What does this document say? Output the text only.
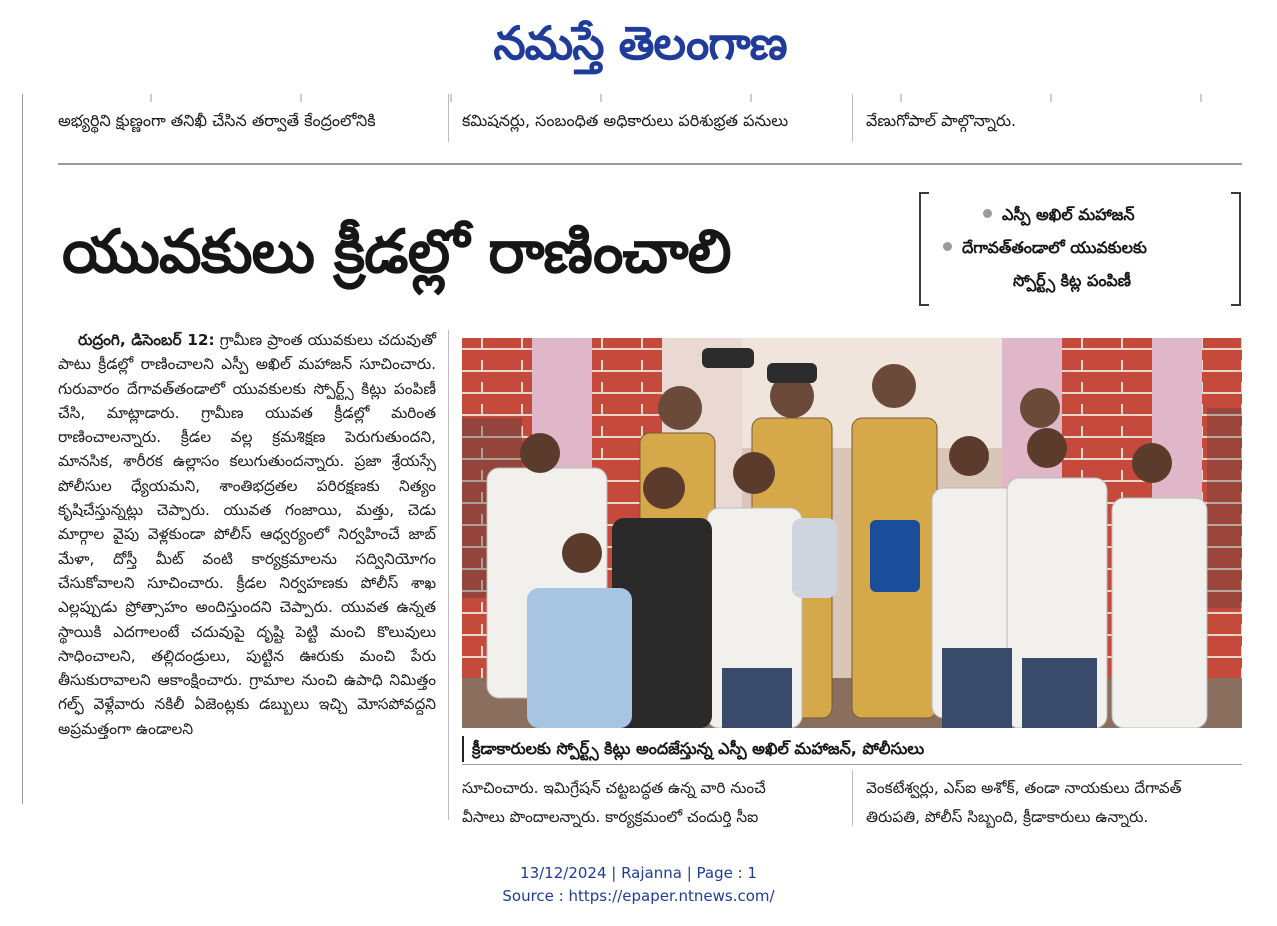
నమస్తే తెలంగాణ
అభ్యర్థిని క్షుణ్ణంగా తనిఖీ చేసిన తర్వాతే కేంద్రంలోనికి	కమిషనర్లు, సంబంధిత అధికారులు పరిశుభ్రత పనులు	వేణుగోపాల్ పాల్గొన్నారు.
యువకులు క్రీడల్లో రాణించాలి
ఎస్పీ అఖిల్ మహాజన్
దేగావత్‌తండాలో యువకులకు
స్పోర్ట్స్ కిట్ల పంపిణీ
రుద్రంగి, డిసెంబర్ 12: గ్రామీణ ప్రాంత యువకులు చదువుతో పాటు క్రీడల్లో రాణించాలని ఎస్పీ అఖిల్ మహాజన్ సూచించారు. గురువారం దేగావత్‌తండాలో యువకులకు స్పోర్ట్స్ కిట్లు పంపిణీ చేసి, మాట్లాడారు. గ్రామీణ యువత క్రీడల్లో మరింత రాణించాలన్నారు. క్రీడల వల్ల క్రమశిక్షణ పెరుగుతుందని, మానసిక, శారీరక ఉల్లాసం కలుగుతుందన్నారు. ప్రజా శ్రేయస్సే పోలీసుల ధ్యేయమని, శాంతిభద్రతల పరిరక్షణకు నిత్యం కృషిచేస్తున్నట్లు చెప్పారు. యువత గంజాయి, మత్తు, చెడు మార్గాల వైపు వెళ్లకుండా పోలీస్ ఆధ్వర్యంలో నిర్వహించే జాబ్ మేళా, దోస్తీ మీట్ వంటి కార్యక్రమాలను సద్వినియోగం చేసుకోవాలని సూచించారు. క్రీడల నిర్వహణకు పోలీస్ శాఖ ఎల్లప్పుడు ప్రోత్సాహం అందిస్తుందని చెప్పారు. యువత ఉన్నత స్థాయికి ఎదగాలంటే చదువుపై దృష్టి పెట్టి మంచి కొలువులు సాధించాలని, తల్లిదండ్రులు, పుట్టిన ఊరుకు మంచి పేరు తీసుకురావాలని ఆకాంక్షించారు. గ్రామాల నుంచి ఉపాధి నిమిత్తం గల్ఫ్ వెళ్లేవారు నకిలీ ఏజెంట్లకు డబ్బులు ఇచ్చి మోసపోవద్దని అప్రమత్తంగా ఉండాలని
క్రీడాకారులకు స్పోర్ట్స్ కిట్లు అందజేస్తున్న ఎస్పీ అఖిల్ మహాజన్, పోలీసులు
సూచించారు. ఇమిగ్రేషన్ చట్టబద్ధత ఉన్న వారి నుంచే
వీసాలు పొందాలన్నారు. కార్యక్రమంలో చందుర్తి సీఐ
వెంకటేశ్వర్లు, ఎస్ఐ అశోక్, తండా నాయకులు దేగావత్
తిరుపతి, పోలీస్ సిబ్బంది, క్రీడాకారులు ఉన్నారు.
13/12/2024 | Rajanna | Page : 1
Source : https://epaper.ntnews.com/
